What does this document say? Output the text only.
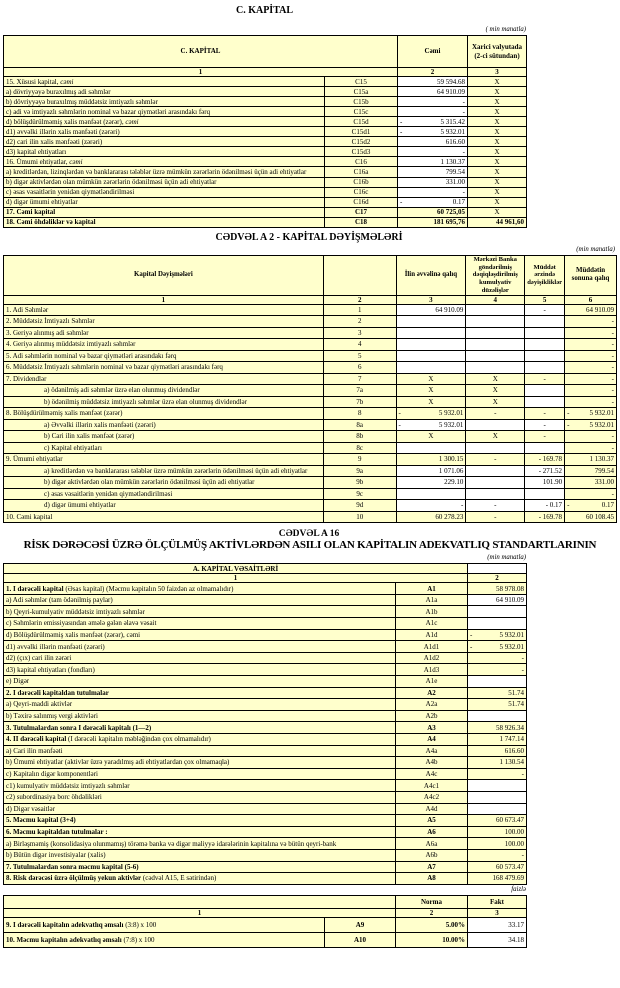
C. KAPİTAL
( min manatla)
C. KAPİTAL		Cəmi	Xarici valyutada (2-ci sütundan)
1		2	3
15. Xüsusi kapital, cəmi	C15	59 594.68	X
a) dövriyyəyə buraxılmış adi səhmlər	C15a	64 910.09	X
b) dövriyyəyə buraxılmış müddətsiz imtiyazlı səhmlər	C15b	-	X
c) adi və imtiyazlı səhmlərin nominal və bazar qiymətləri arasındakı fərq	C15c	-	X
d) bölüşdürülməmiş xalis mənfəət (zərər), cəmi	C15d	- 5 315.42	X
d1) əvvəlki illərin xalis mənfəəti (zərəri)	C15d1	- 5 932.01	X
d2) cari ilin xalis mənfəəti (zərəri)	C15d2	616.60	X
d3) kapital ehtiyatları	C15d3	-	X
16. Ümumi ehtiyatlar, cəmi	C16	1 130.37	X
a) kreditlərdən, lizinqlərdən və banklararası tələblər üzrə mümkün zərərlərin ödənilməsi üçün adi ehtiyatlar	C16a	799.54	X
b) digər aktivlərdən olan mümkün zərərlərin ödənilməsi üçün adi ehtiyatlar	C16b	331.00	X
c) əsas vəsaitlərin yenidən qiymətləndirilməsi	C16c	-	X
d) digər ümumi ehtiyatlar	C16d	- 0.17	X
17. Cəmi kapital	C17	60 725,05	X
18. Cəmi öhdəliklər və kapital	C18	181 695,76	44 961,60
CƏDVƏL A 2 - KAPİTAL DƏYİŞMƏLƏRİ
(min manatla)
Kapital Dəyişmələri		İlin əvvəlinə qalıq	Mərkəzi Banka göndərilmiş dəqiqləşdirilmiş kumulyativ düzəlişlər	Müddət ərzində dəyişikliklər	Müddətin sonuna qalıq
1	2	3	4	5	6
1. Adi Səhmlər	1	64 910.09		-	64 910.09
2. Müddətsiz İmtiyazlı Səhmlər	2				-
3. Geriyə alınmış adi səhmlər	3				-
4. Geriyə alınmış müddətsiz imtiyazlı səhmlər	4				-
5. Adi səhmlərin nominal və bazar qiymətləri arasındakı fərq	5				-
6. Müddətsiz İmtiyazlı səhmlərin nominal və bazar qiymətləri arasındakı fərq	6				-
7. Dividendlər	7	X	X	-	-
a) ödənilmiş adi səhmlər üzrə elan olunmuş dividendlər	7a	X	X		-
b) ödənilmiş müddətsiz imtiyazlı səhmlər üzrə elan olunmuş dividendlər	7b	X	X		-
8. Bölüşdürülməmiş xalis mənfəət (zərər)	8	- 5 932.01	-	-	- 5 932.01

a) Əvvəlki illərin xalis mənfəəti (zərəri)	8a	- 5 932.01		-	- 5 932.01

b) Cari ilin xalis mənfəət (zərər)	8b	X	X	-	-
c) Kapital ehtiyatları	8c				-
9. Ümumi ehtiyatlar	9	1 300.15	-	- 169.78	1 130.37
a) kreditlərdən və banklararası tələblər üzrə mümkün zərərlərin ödənilməsi üçün adi ehtiyatlar	9a	1 071.06		- 271.52	799.54
b) digər aktivlərdən olan mümkün zərərlərin ödənilməsi üçün adi ehtiyatlar	9b	229.10		101.90	331.00
c) əsas vəsaitlərin yenidən qiymətləndirilməsi	9c				-
d) digər ümumi ehtiyatlar	9d	-	-	- 0.17	- 0.17

10. Cəmi kapital	10	60 278.23	-	- 169.78	60 108.45
CƏDVƏL A 16
RİSK DƏRƏCƏSİ ÜZRƏ ÖLÇÜLMÜŞ AKTİVLƏRDƏN ASILI OLAN KAPİTALIN ADEKVATLIQ STANDARTLARININ
(min manatla)
A. KAPİTAL VƏSAİTLƏRİ		
1		2
1. I dərəcəli kapital (Əsas kapital) (Məcmu kapitalın 50 faizdən az olmamalıdır)	A1	58 978.08
a) Adi səhmlər (tam ödənilmiş paylar)	A1a	64 910.09
b) Qeyri-kumulyativ müddətsiz imtiyazlı səhmlər	A1b	
c) Səhmlərin emissiyasından əmələ gələn əlavə vəsait	A1c	
d) Bölüşdürülməmiş xalis mənfəət (zərər), cəmi	A1d	- 5 932.01

d1) əvvəlki illərin mənfəəti (zərəri)	A1d1	- 5 932.01

d2) (çıx) cari ilin zərəri	A1d2	-
d3) kapital ehtiyatları (fondları)	A1d3	-
e) Digər	A1e	
2. I dərəcəli kapitaldan tutulmalar	A2	51.74
a) Qeyri-maddi aktivlər	A2a	51.74
b) Təxirə salınmış vergi aktivləri	A2b	
3. Tutulmalardan sonra I dərəcəli kapitalı (1—2)	A3	58 926.34
4. II dərəcəli kapital (I dərəcəli kapitalın məbləğindən çox olmamalıdır)	A4	1 747.14
a) Cari ilin mənfəəti	A4a	616.60
b) Ümumi ehtiyatlar (aktivlər üzrə yaradılmış adi ehtiyatlardan çox olmamaqla)	A4b	1 130.54
c) Kapitalın digər komponentləri	A4c	-
c1) kumulyativ müddətsiz imtiyazlı səhmlər	A4c1	
c2) subordinasiya borc öhdəlikləri	A4c2	
d) Digər vəsaitlər	A4d	
5. Məcmu kapital (3+4)	A5	60 673.47
6. Məcmu kapitaldan tutulmalar :	A6	100.00
a) Birləşməmiş (konsolidasiya olunmamış) törəmə banka və digər maliyyə idarələrinin kapitalına və bütün qeyri-bank	A6a	100.00
b) Bütün digər investisiyalar (xalis)	A6b	-
7. Tutulmalardan sonra məcmu kapital (5-6)	A7	60 573.47
8. Risk dərəcəsi üzrə ölçülmüş yekun aktivlər (cədvəl A15, E sətirindən)	A8	168 479.69
faizlə
		Norma	Fakt
1		2	3
9. I dərəcəli kapitalın adekvatlıq əmsalı (3:8) x 100	A9	5.00%	33.17
10. Məcmu kapitalın adekvatlıq əmsalı (7:8) x 100	A10	10.00%	34.18
